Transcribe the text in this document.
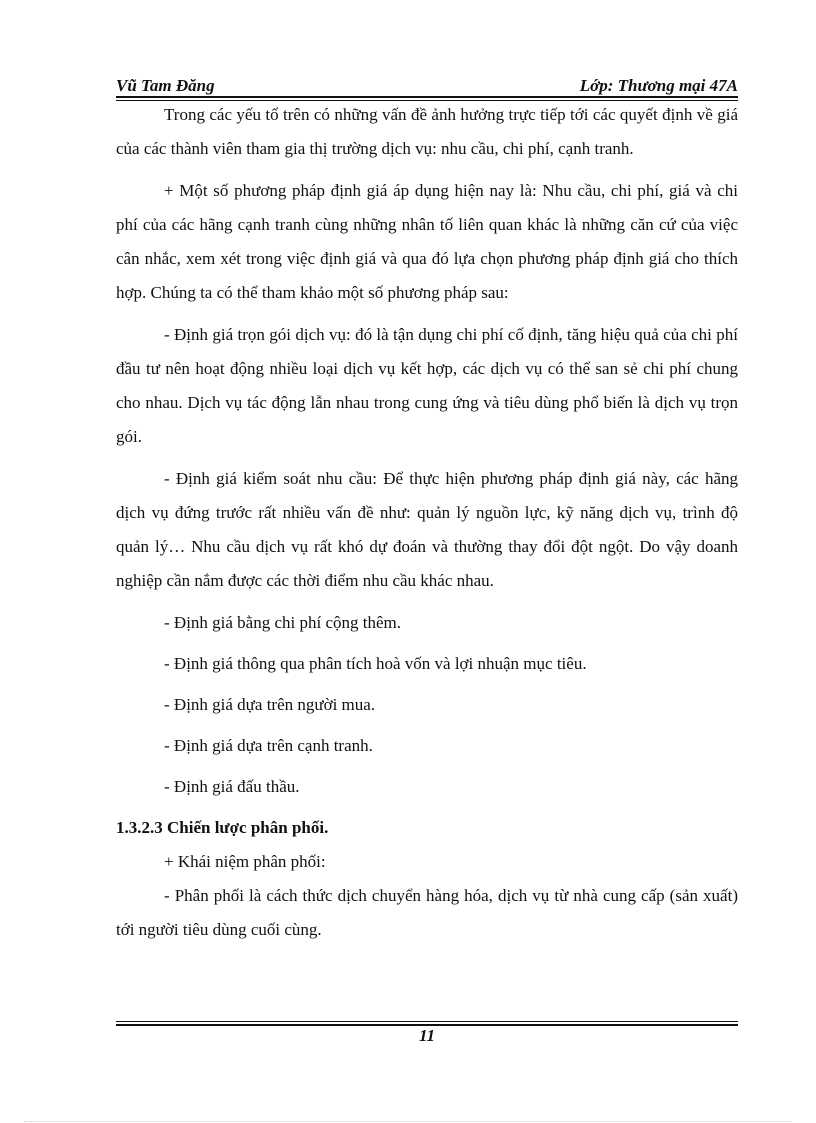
Vũ Tam Đăng	Lớp: Thương mại 47A

Trong các yếu tố trên có những vấn đề ảnh hưởng trực tiếp tới các quyết định về giá của các thành viên tham gia thị trường dịch vụ: nhu cầu, chi phí, cạnh tranh.

+ Một số phương pháp định giá áp dụng hiện nay là: Nhu cầu, chi phí, giá và chi phí của các hãng cạnh tranh cùng những nhân tố liên quan khác là những căn cứ của việc cân nhắc, xem xét trong việc định giá và qua đó lựa chọn phương pháp định giá cho thích hợp. Chúng ta có thể tham khảo một số phương pháp sau:

- Định giá trọn gói dịch vụ: đó là tận dụng chi phí cố định, tăng hiệu quả của chi phí đầu tư nên hoạt động nhiều loại dịch vụ kết hợp, các dịch vụ có thể san sẻ chi phí chung cho nhau. Dịch vụ tác động lẫn nhau trong cung ứng và tiêu dùng phổ biến là dịch vụ trọn gói.

- Định giá kiểm soát nhu cầu: Để thực hiện phương pháp định giá này, các hãng dịch vụ đứng trước rất nhiều vấn đề như: quản lý nguồn lực, kỹ năng dịch vụ, trình độ quản lý… Nhu cầu dịch vụ rất khó dự đoán và thường thay đổi đột ngột. Do vậy doanh nghiệp cần nắm được các thời điểm nhu cầu khác nhau.

- Định giá bằng chi phí cộng thêm.

- Định giá thông qua phân tích hoà vốn và lợi nhuận mục tiêu.

- Định giá dựa trên người mua.

- Định giá dựa trên cạnh tranh.

- Định giá đấu thầu.

1.3.2.3 Chiến lược phân phối.

+ Khái niệm phân phối:

- Phân phối là cách thức dịch chuyển hàng hóa, dịch vụ từ nhà cung cấp (sản xuất) tới người tiêu dùng cuối cùng.

11
